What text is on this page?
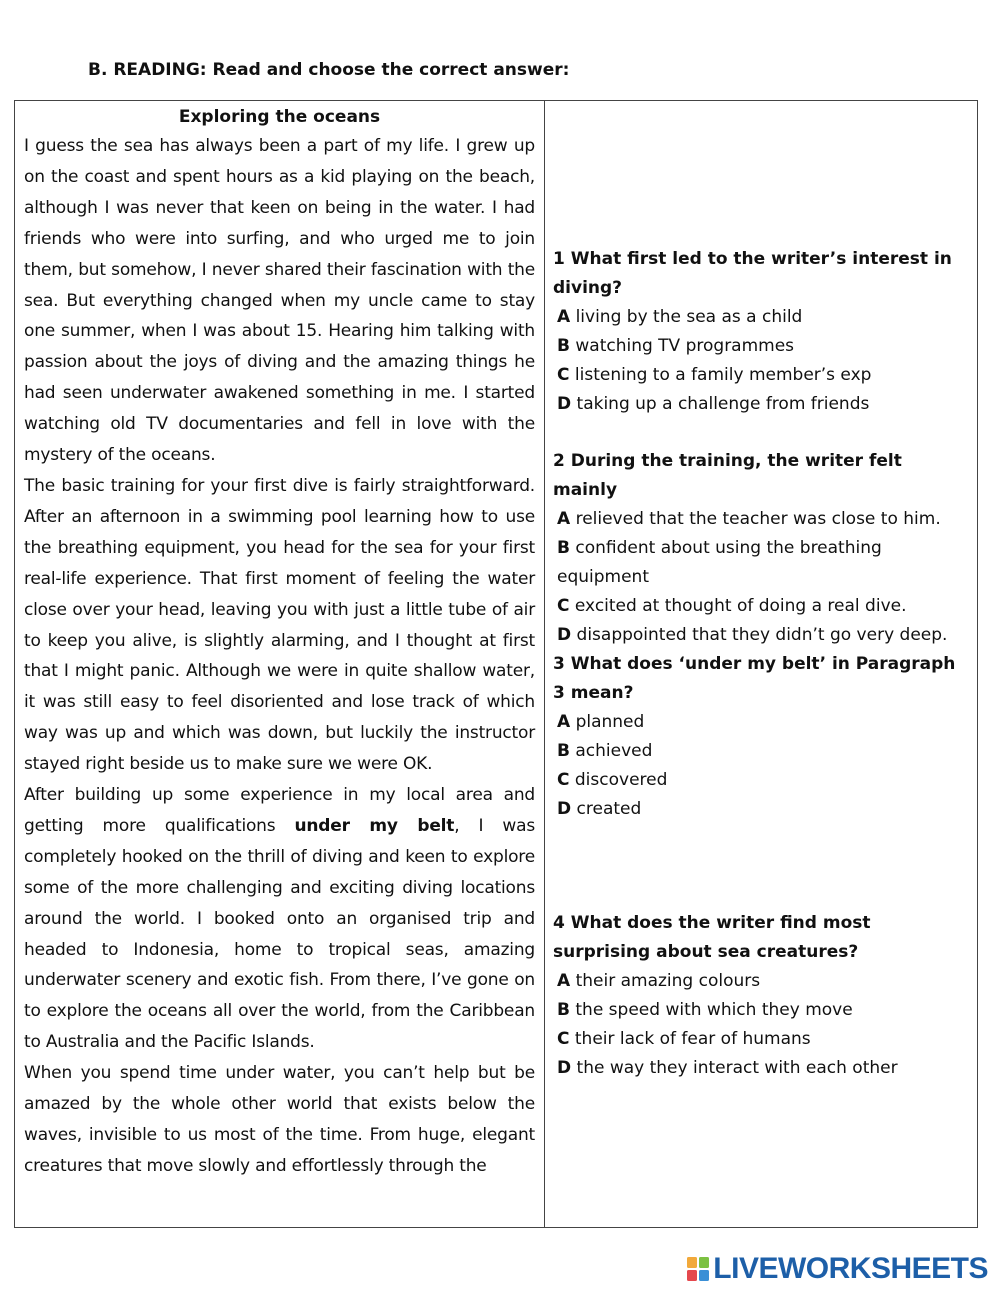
B. READING: Read and choose the correct answer:
Exploring the oceans

I guess the sea has always been a part of my life. I grew up on the coast and spent hours as a kid playing on the beach, although I was never that keen on being in the water. I had friends who were into surfing, and who urged me to join them, but somehow, I never shared their fascination with the sea. But everything changed when my uncle came to stay one summer, when I was about 15. Hearing him talking with passion about the joys of diving and the amazing things he had seen underwater awakened something in me. I started watching old TV documentaries and fell in love with the mystery of the oceans.

The basic training for your first dive is fairly straightforward. After an afternoon in a swimming pool learning how to use the breathing equipment, you head for the sea for your first real-life experience. That first moment of feeling the water close over your head, leaving you with just a little tube of air to keep you alive, is slightly alarming, and I thought at first that I might panic. Although we were in quite shallow water, it was still easy to feel disoriented and lose track of which way was up and which was down, but luckily the instructor stayed right beside us to make sure we were OK.

After building up some experience in my local area and getting more qualifications under my belt, I was completely hooked on the thrill of diving and keen to explore some of the more challenging and exciting diving locations around the world. I booked onto an organised trip and headed to Indonesia, home to tropical seas, amazing underwater scenery and exotic fish. From there, I’ve gone on to explore the oceans all over the world, from the Caribbean to Australia and the Pacific Islands.

When you spend time under water, you can’t help but be amazed by the whole other world that exists below the waves, invisible to us most of the time. From huge, elegant creatures that move slowly and effortlessly through the

1 What first led to the writer’s interest in diving?
A living by the sea as a child
B watching TV programmes
C listening to a family member’s exp
D taking up a challenge from friends
2 During the training, the writer felt mainly
A relieved that the teacher was close to him.
B confident about using the breathing equipment
C excited at thought of doing a real dive.
D disappointed that they didn’t go very deep.
3 What does ‘under my belt’ in Paragraph 3 mean?
A planned
B achieved
C discovered
D created
4 What does the writer find most surprising about sea creatures?
A their amazing colours
B the speed with which they move
C their lack of fear of humans
D the way they interact with each other
LIVEWORKSHEETS
